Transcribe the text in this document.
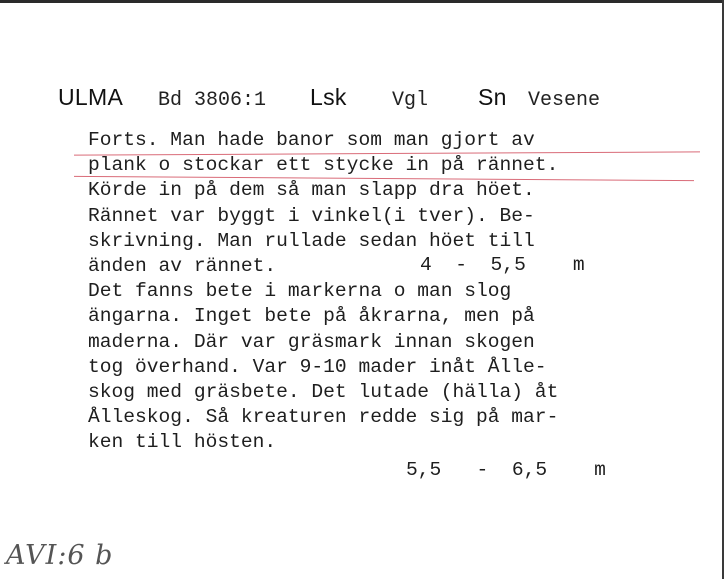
ULMA	Bd 3806:1	Lsk	Vgl	Sn	Vesene
Forts. Man hade banor som man gjort av
plank o stockar ett stycke in på rännet.
Körde in på dem så man slapp dra höet.
Rännet var byggt i vinkel(i tver). Be-
skrivning. Man rullade sedan höet till
änden av rännet.
Det fanns bete i markerna o man slog
ängarna. Inget bete på åkrarna, men på
maderna. Där var gräsmark innan skogen
tog överhand. Var 9-10 mader inåt Ålle-
skog med gräsbete. Det lutade (hälla) åt
Ålleskog. Så kreaturen redde sig på mar-
ken till hösten.
4  -  5,5    m
5,5   -  6,5    m
AVI:6 b
